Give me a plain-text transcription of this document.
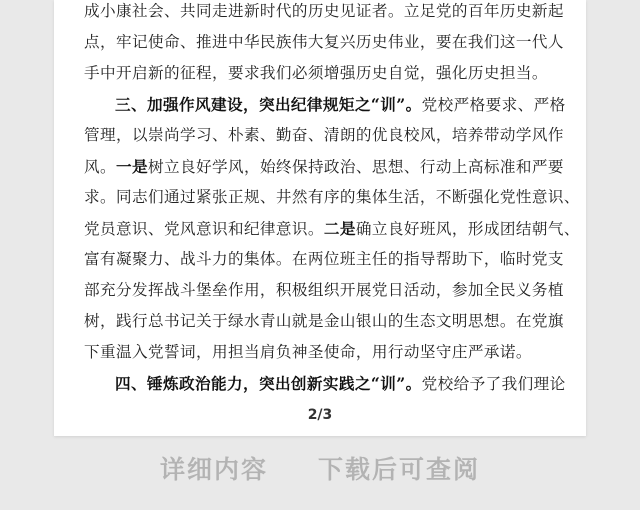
成小康社会、共同走进新时代的历史见证者。立足党的百年历史新起
点，牢记使命、推进中华民族伟大复兴历史伟业，要在我们这一代人
手中开启新的征程，要求我们必须增强历史自觉，强化历史担当。
三、加强作风建设，突出纪律规矩之“训”。党校严格要求、严格
管理，以崇尚学习、朴素、勤奋、清朗的优良校风，培养带动学风作
风。一是树立良好学风，始终保持政治、思想、行动上高标准和严要
求。同志们通过紧张正规、井然有序的集体生活，不断强化党性意识、
党员意识、党风意识和纪律意识。二是确立良好班风，形成团结朝气、
富有凝聚力、战斗力的集体。在两位班主任的指导帮助下，临时党支
部充分发挥战斗堡垒作用，积极组织开展党日活动，参加全民义务植
树，践行总书记关于绿水青山就是金山银山的生态文明思想。在党旗
下重温入党誓词，用担当肩负神圣使命，用行动坚守庄严承诺。
四、锤炼政治能力，突出创新实践之“训”。党校给予了我们理论
2/3
详细内容 下载后可查阅
